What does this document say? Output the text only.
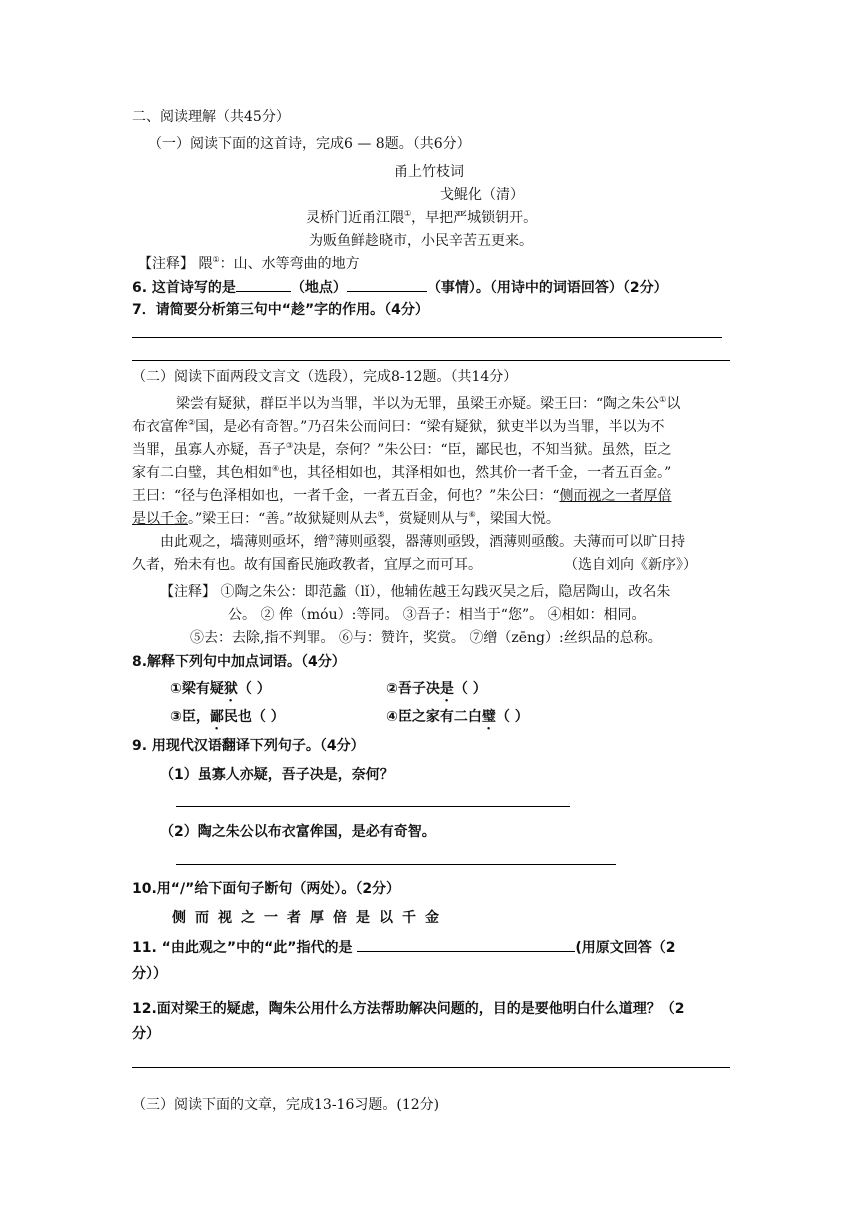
二、阅读理解（共45分）
（一）阅读下面的这首诗，完成6 — 8题。（共6分）
甬上竹枝词
戈鲲化（清）
灵桥门近甬江隈①，早把严城锁钥开。
为贩鱼鲜趁晓市，小民辛苦五更来。
【注释】 隈①：山、水等弯曲的地方
6. 这首诗写的是	（地点）	（事情）。（用诗中的词语回答）（2分）
7．请简要分析第三句中“趁”字的作用。（4分）
（二）阅读下面两段文言文（选段），完成8-12题。（共14分）
梁尝有疑狱，群臣半以为当罪，半以为无罪，虽梁王亦疑。梁王曰：“陶之朱公①以
布衣富侔②国，是必有奇智。”乃召朱公而问曰：“梁有疑狱，狱吏半以为当罪，半以为不
当罪，虽寡人亦疑，吾子③决是，奈何？”朱公曰：“臣，鄙民也，不知当狱。虽然，臣之
家有二白璧，其色相如④也，其径相如也，其泽相如也，然其价一者千金，一者五百金。”
王曰：“径与色泽相如也，一者千金，一者五百金，何也？”朱公曰：“侧而视之一者厚倍
是以千金。”梁王曰：“善。”故狱疑则从去⑤，赏疑则从与⑥，梁国大悦。
由此观之，墙薄则亟坏，缯⑦薄则亟裂，器薄则亟毁，酒薄则亟酸。夫薄而可以旷日持
久者，殆未有也。故有国畜民施政教者，宜厚之而可耳。	（选自刘向《新序》）
【注释】 ①陶之朱公：即范蠡（lǐ），他辅佐越王勾践灭吴之后，隐居陶山，改名朱
公。 ② 侔（móu）:等同。 ③吾子：相当于“您”。 ④相如：相同。
⑤去：去除,指不判罪。 ⑥与：赞许，奖赏。 ⑦缯（zēng）:丝织品的总称。
8.解释下列句中加点词语。（4分）
①梁有疑狱（ ）	②吾子决是（ ）
③臣，鄙民也（ ）	④臣之家有二白璧（ ）
9. 用现代汉语翻译下列句子。（4分）
（1）虽寡人亦疑，吾子决是，奈何？
（2）陶之朱公以布衣富侔国，是必有奇智。
10.用“/”给下面句子断句（两处）。（2分）
侧而视之一者厚倍是以千金
11. “由此观之”中的“此”指代的是	(用原文回答（2
分））
12.面对梁王的疑虑，陶朱公用什么方法帮助解决问题的，目的是要他明白什么道理？（2
分）
（三）阅读下面的文章，完成13-16习题。(12分)
